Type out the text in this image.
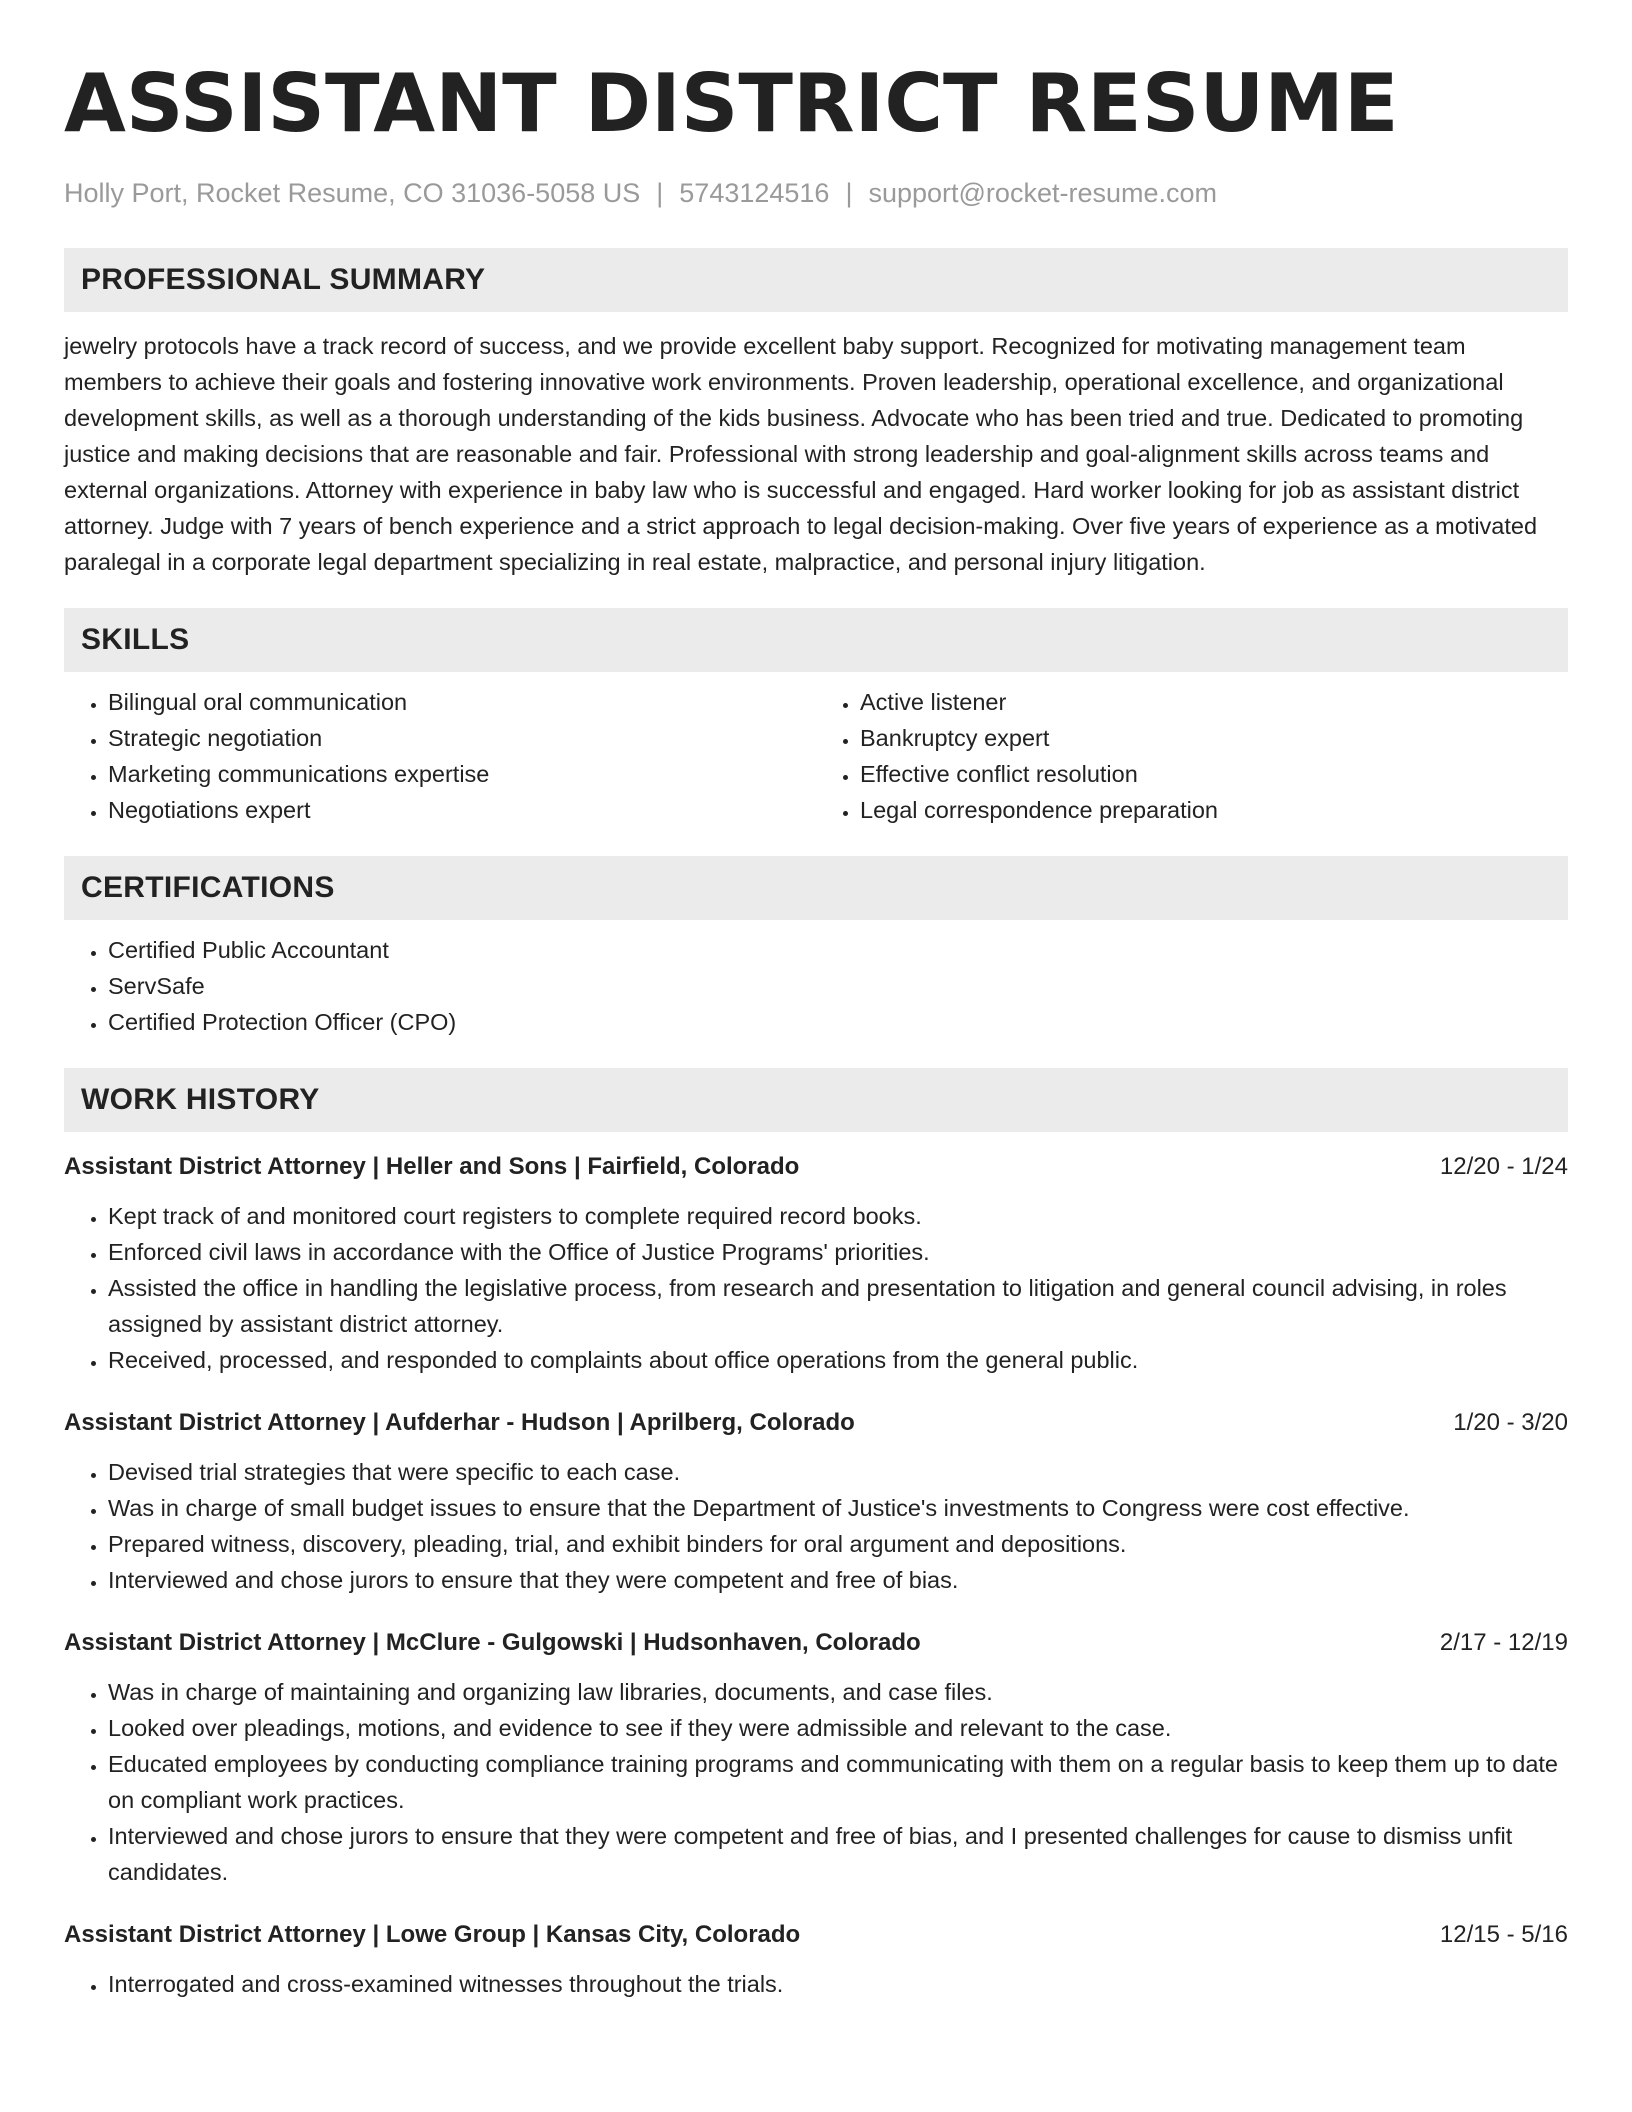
ASSISTANT DISTRICT RESUME
Holly Port, Rocket Resume, CO 31036-5058 US | 5743124516 | support@rocket-resume.com
PROFESSIONAL SUMMARY
jewelry protocols have a track record of success, and we provide excellent baby support. Recognized for motivating management team members to achieve their goals and fostering innovative work environments. Proven leadership, operational excellence, and organizational development skills, as well as a thorough understanding of the kids business. Advocate who has been tried and true. Dedicated to promoting justice and making decisions that are reasonable and fair. Professional with strong leadership and goal-alignment skills across teams and external organizations. Attorney with experience in baby law who is successful and engaged. Hard worker looking for job as assistant district attorney. Judge with 7 years of bench experience and a strict approach to legal decision-making. Over five years of experience as a motivated paralegal in a corporate legal department specializing in real estate, malpractice, and personal injury litigation.
SKILLS
• Bilingual oral communication
• Strategic negotiation
• Marketing communications expertise
• Negotiations expert
• Active listener
• Bankruptcy expert
• Effective conflict resolution
• Legal correspondence preparation
CERTIFICATIONS
• Certified Public Accountant
• ServSafe
• Certified Protection Officer (CPO)
WORK HISTORY
Assistant District Attorney | Heller and Sons | Fairfield, Colorado	12/20 - 1/24
• Kept track of and monitored court registers to complete required record books.
• Enforced civil laws in accordance with the Office of Justice Programs' priorities.
• Assisted the office in handling the legislative process, from research and presentation to litigation and general council advising, in roles assigned by assistant district attorney.
• Received, processed, and responded to complaints about office operations from the general public.
Assistant District Attorney | Aufderhar - Hudson | Aprilberg, Colorado	1/20 - 3/20
• Devised trial strategies that were specific to each case.
• Was in charge of small budget issues to ensure that the Department of Justice's investments to Congress were cost effective.
• Prepared witness, discovery, pleading, trial, and exhibit binders for oral argument and depositions.
• Interviewed and chose jurors to ensure that they were competent and free of bias.
Assistant District Attorney | McClure - Gulgowski | Hudsonhaven, Colorado	2/17 - 12/19
• Was in charge of maintaining and organizing law libraries, documents, and case files.
• Looked over pleadings, motions, and evidence to see if they were admissible and relevant to the case.
• Educated employees by conducting compliance training programs and communicating with them on a regular basis to keep them up to date on compliant work practices.
• Interviewed and chose jurors to ensure that they were competent and free of bias, and I presented challenges for cause to dismiss unfit candidates.
Assistant District Attorney | Lowe Group | Kansas City, Colorado	12/15 - 5/16
• Interrogated and cross-examined witnesses throughout the trials.
